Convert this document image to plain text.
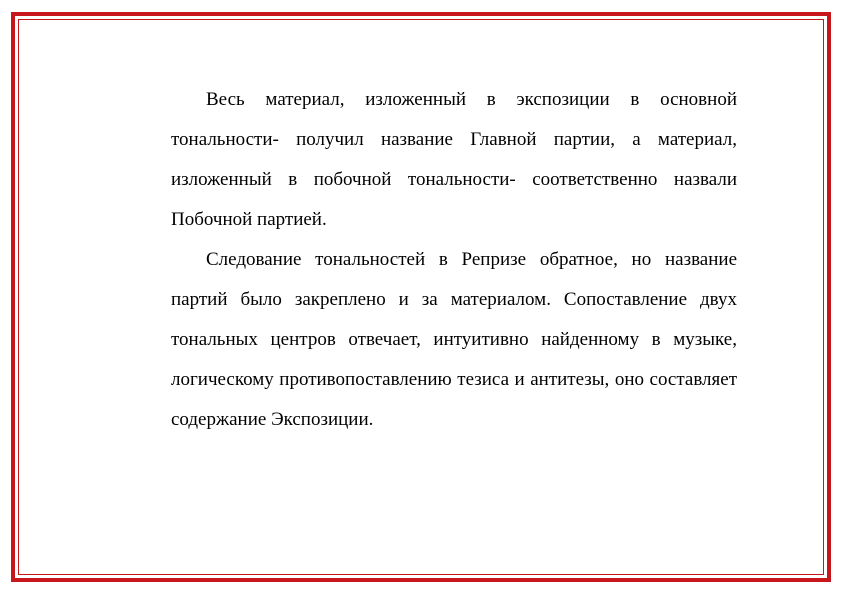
Весь материал, изложенный в экспозиции в основной тональности- получил название Главной партии, а материал, изложенный в побочной тональности- соответственно назвали Побочной партией.

Следование тональностей в Репризе обратное, но название партий было закреплено и за материалом. Сопоставление двух тональных центров отвечает, интуитивно найденному в музыке, логическому противопоставлению тезиса и антитезы, оно составляет содержание Экспозиции.
